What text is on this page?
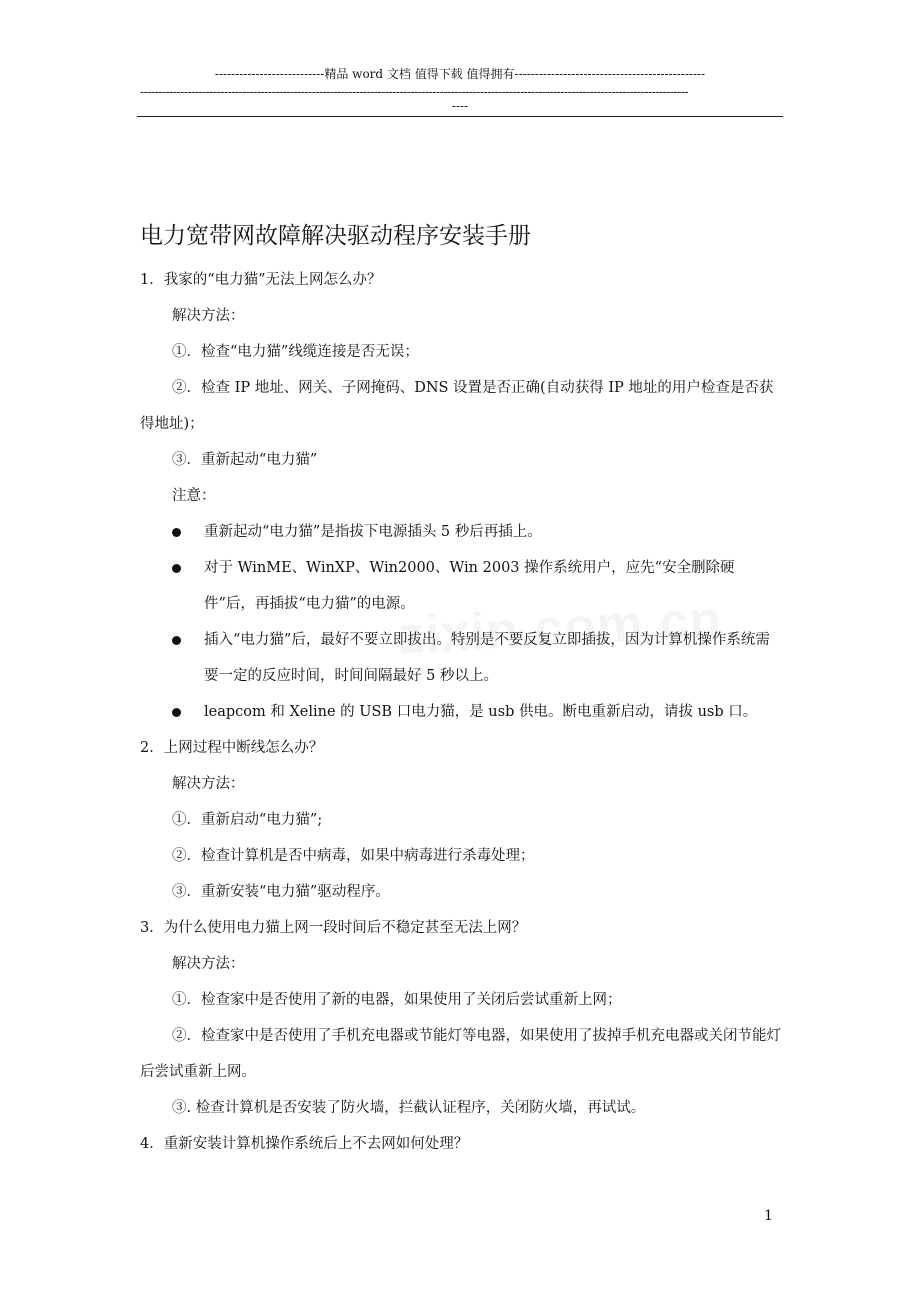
---------------------------精品 word 文档 值得下载 值得拥有-----------------------------------------------
------------------------------------------------------------------------------------------------------------------------------------------------------
----
电力宽带网故障解决驱动程序安装手册
1．我家的“电力猫”无法上网怎么办？
解决方法：
①．检查“电力猫”线缆连接是否无误；
②．检查 IP 地址、网关、子网掩码、DNS 设置是否正确(自动获得 IP 地址的用户检查是否获得地址)；
③．重新起动“电力猫”
注意：
重新起动“电力猫”是指拔下电源插头 5 秒后再插上。
对于 WinME、WinXP、Win2000、Win 2003 操作系统用户，应先“安全删除硬件”后，再插拔“电力猫”的电源。
插入“电力猫”后，最好不要立即拔出。特别是不要反复立即插拔，因为计算机操作系统需要一定的反应时间，时间间隔最好 5 秒以上。
leapcom 和 Xeline 的 USB 口电力猫，是 usb 供电。断电重新启动，请拔 usb 口。
2．上网过程中断线怎么办？
解决方法：
①．重新启动“电力猫”;
②．检查计算机是否中病毒，如果中病毒进行杀毒处理；
③．重新安装“电力猫”驱动程序。
3．为什么使用电力猫上网一段时间后不稳定甚至无法上网？
解决方法：
①．检查家中是否使用了新的电器，如果使用了关闭后尝试重新上网；
②．检查家中是否使用了手机充电器或节能灯等电器，如果使用了拔掉手机充电器或关闭节能灯后尝试重新上网。
③. 检查计算机是否安装了防火墙，拦截认证程序，关闭防火墙，再试试。
4．重新安装计算机操作系统后上不去网如何处理？
1
